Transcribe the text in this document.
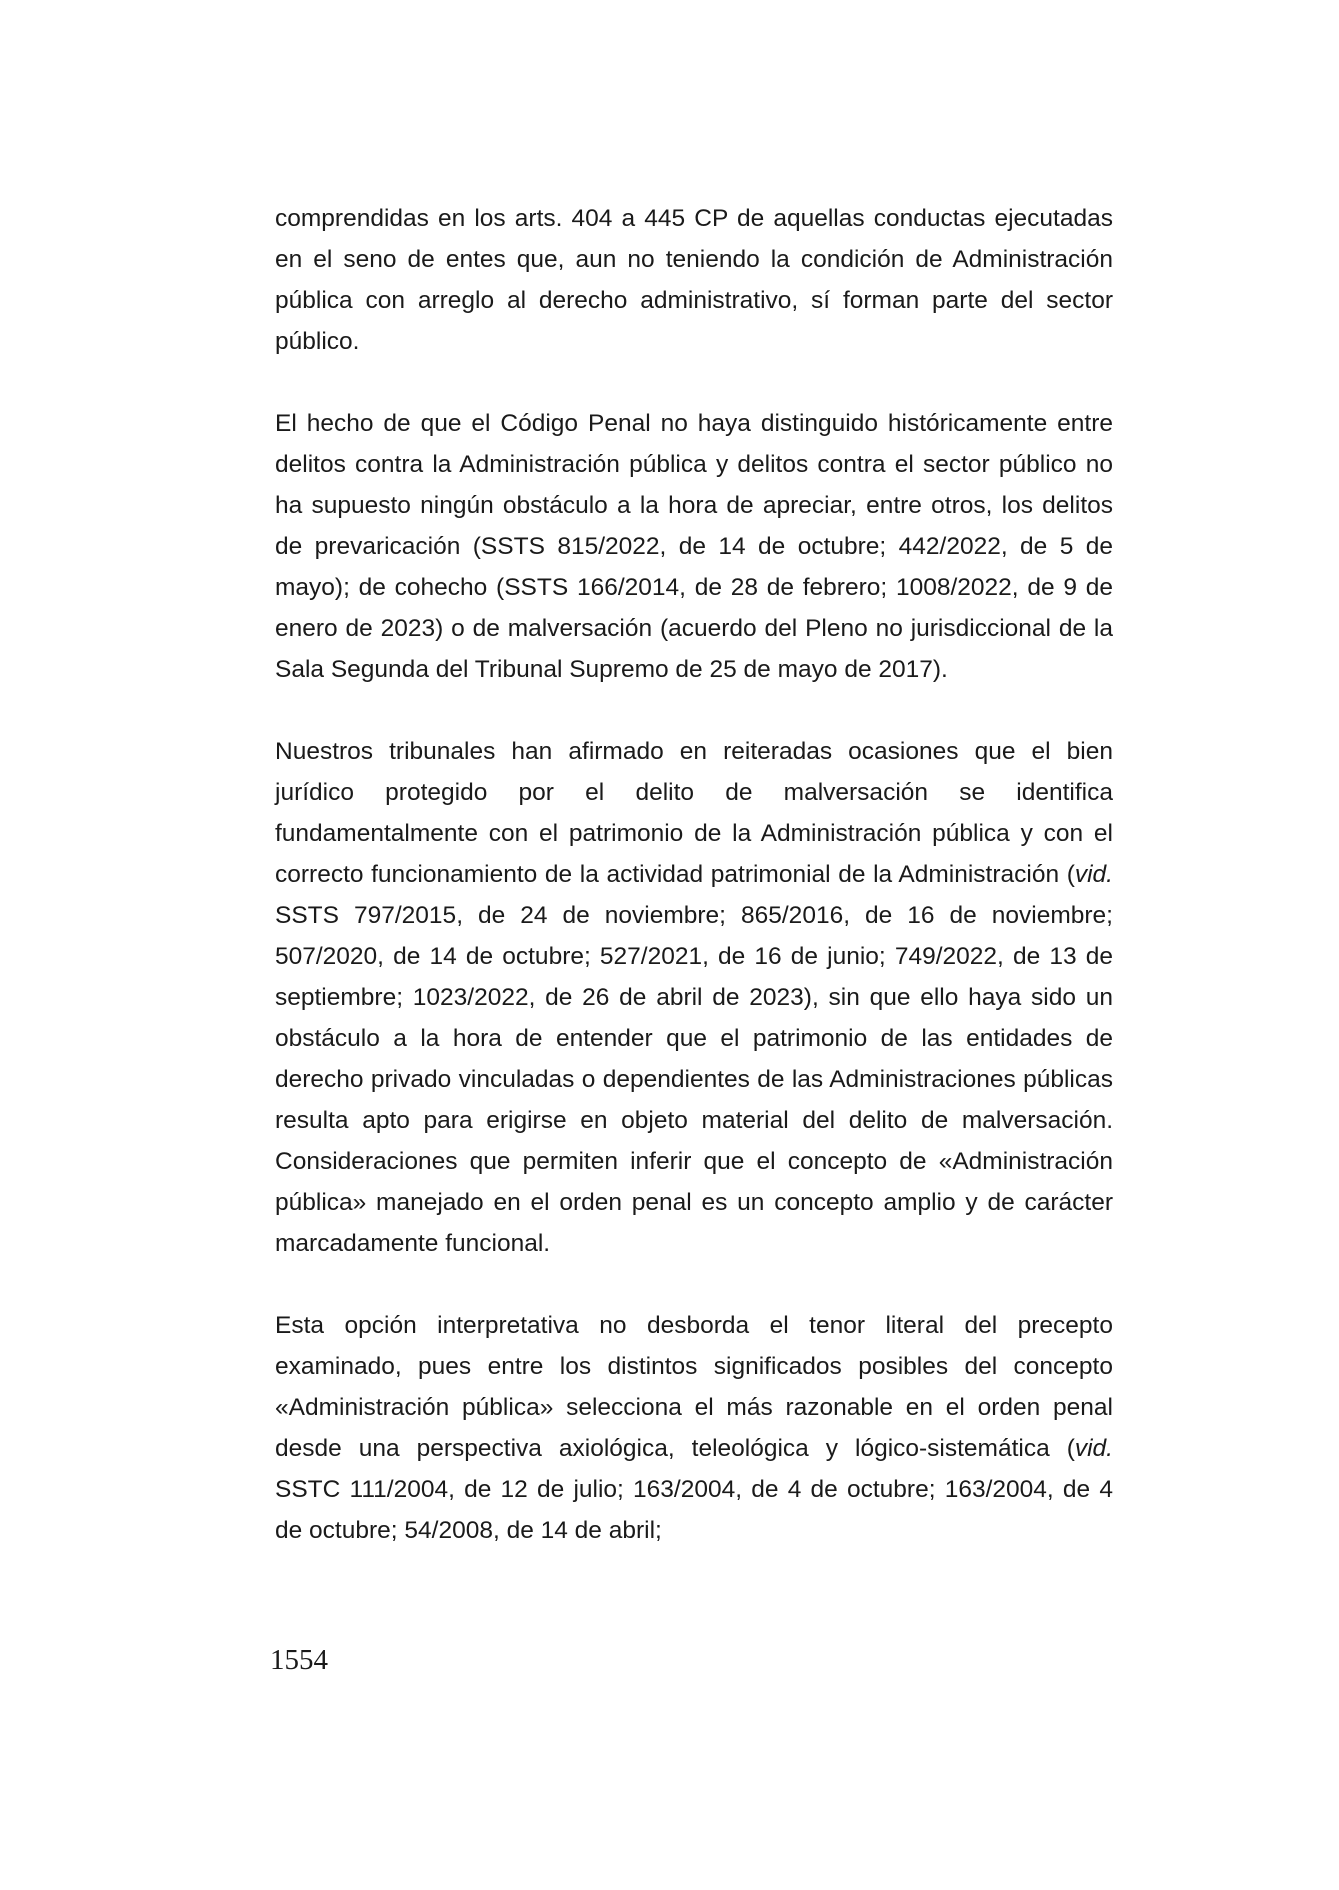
comprendidas en los arts. 404 a 445 CP de aquellas conductas ejecutadas en el seno de entes que, aun no teniendo la condición de Administración pública con arreglo al derecho administrativo, sí forman parte del sector público.

El hecho de que el Código Penal no haya distinguido históricamente entre delitos contra la Administración pública y delitos contra el sector público no ha supuesto ningún obstáculo a la hora de apreciar, entre otros, los delitos de prevaricación (SSTS 815/2022, de 14 de octubre; 442/2022, de 5 de mayo); de cohecho (SSTS 166/2014, de 28 de febrero; 1008/2022, de 9 de enero de 2023) o de malversación (acuerdo del Pleno no jurisdiccional de la Sala Segunda del Tribunal Supremo de 25 de mayo de 2017).

Nuestros tribunales han afirmado en reiteradas ocasiones que el bien jurídico protegido por el delito de malversación se identifica fundamentalmente con el patrimonio de la Administración pública y con el correcto funcionamiento de la actividad patrimonial de la Administración (vid. SSTS 797/2015, de 24 de noviembre; 865/2016, de 16 de noviembre; 507/2020, de 14 de octubre; 527/2021, de 16 de junio; 749/2022, de 13 de septiembre; 1023/2022, de 26 de abril de 2023), sin que ello haya sido un obstáculo a la hora de entender que el patrimonio de las entidades de derecho privado vinculadas o dependientes de las Administraciones públicas resulta apto para erigirse en objeto material del delito de malversación. Consideraciones que permiten inferir que el concepto de «Administración pública» manejado en el orden penal es un concepto amplio y de carácter marcadamente funcional.

Esta opción interpretativa no desborda el tenor literal del precepto examinado, pues entre los distintos significados posibles del concepto «Administración pública» selecciona el más razonable en el orden penal desde una perspectiva axiológica, teleológica y lógico-sistemática (vid. SSTC 111/2004, de 12 de julio; 163/2004, de 4 de octubre; 163/2004, de 4 de octubre; 54/2008, de 14 de abril;

1554
